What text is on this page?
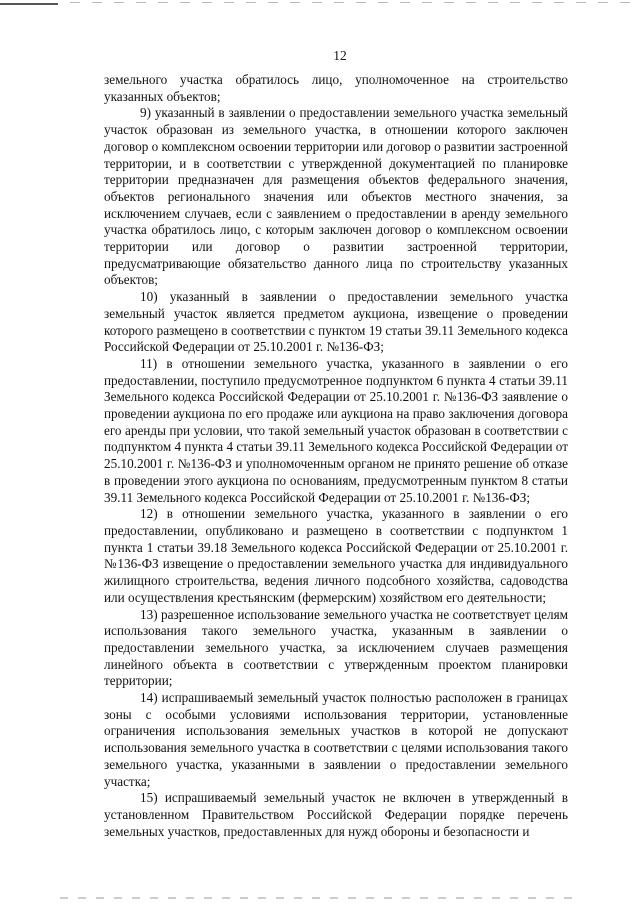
12

земельного участка обратилось лицо, уполномоченное на строительство указанных объектов;

9) указанный в заявлении о предоставлении земельного участка земельный участок образован из земельного участка, в отношении которого заключен договор о комплексном освоении территории или договор о развитии застроенной территории, и в соответствии с утвержденной документацией по планировке территории предназначен для размещения объектов федерального значения, объектов регионального значения или объектов местного значения, за исключением случаев, если с заявлением о предоставлении в аренду земельного участка обратилось лицо, с которым заключен договор о комплексном освоении территории или договор о развитии застроенной территории, предусматривающие обязательство данного лица по строительству указанных объектов;

10) указанный в заявлении о предоставлении земельного участка земельный участок является предметом аукциона, извещение о проведении которого размещено в соответствии с пунктом 19 статьи 39.11 Земельного кодекса Российской Федерации от 25.10.2001 г. №136-ФЗ;

11) в отношении земельного участка, указанного в заявлении о его предоставлении, поступило предусмотренное подпунктом 6 пункта 4 статьи 39.11 Земельного кодекса Российской Федерации от 25.10.2001 г. №136-ФЗ заявление о проведении аукциона по его продаже или аукциона на право заключения договора его аренды при условии, что такой земельный участок образован в соответствии с подпунктом 4 пункта 4 статьи 39.11 Земельного кодекса Российской Федерации от 25.10.2001 г. №136-ФЗ и уполномоченным органом не принято решение об отказе в проведении этого аукциона по основаниям, предусмотренным пунктом 8 статьи 39.11 Земельного кодекса Российской Федерации от 25.10.2001 г. №136-ФЗ;

12) в отношении земельного участка, указанного в заявлении о его предоставлении, опубликовано и размещено в соответствии с подпунктом 1 пункта 1 статьи 39.18 Земельного кодекса Российской Федерации от 25.10.2001 г. №136-ФЗ извещение о предоставлении земельного участка для индивидуального жилищного строительства, ведения личного подсобного хозяйства, садоводства или осуществления крестьянским (фермерским) хозяйством его деятельности;

13) разрешенное использование земельного участка не соответствует целям использования такого земельного участка, указанным в заявлении о предоставлении земельного участка, за исключением случаев размещения линейного объекта в соответствии с утвержденным проектом планировки территории;

14) испрашиваемый земельный участок полностью расположен в границах зоны с особыми условиями использования территории, установленные ограничения использования земельных участков в которой не допускают использования земельного участка в соответствии с целями использования такого земельного участка, указанными в заявлении о предоставлении земельного участка;

15) испрашиваемый земельный участок не включен в утвержденный в установленном Правительством Российской Федерации порядке перечень земельных участков, предоставленных для нужд обороны и безопасности и
